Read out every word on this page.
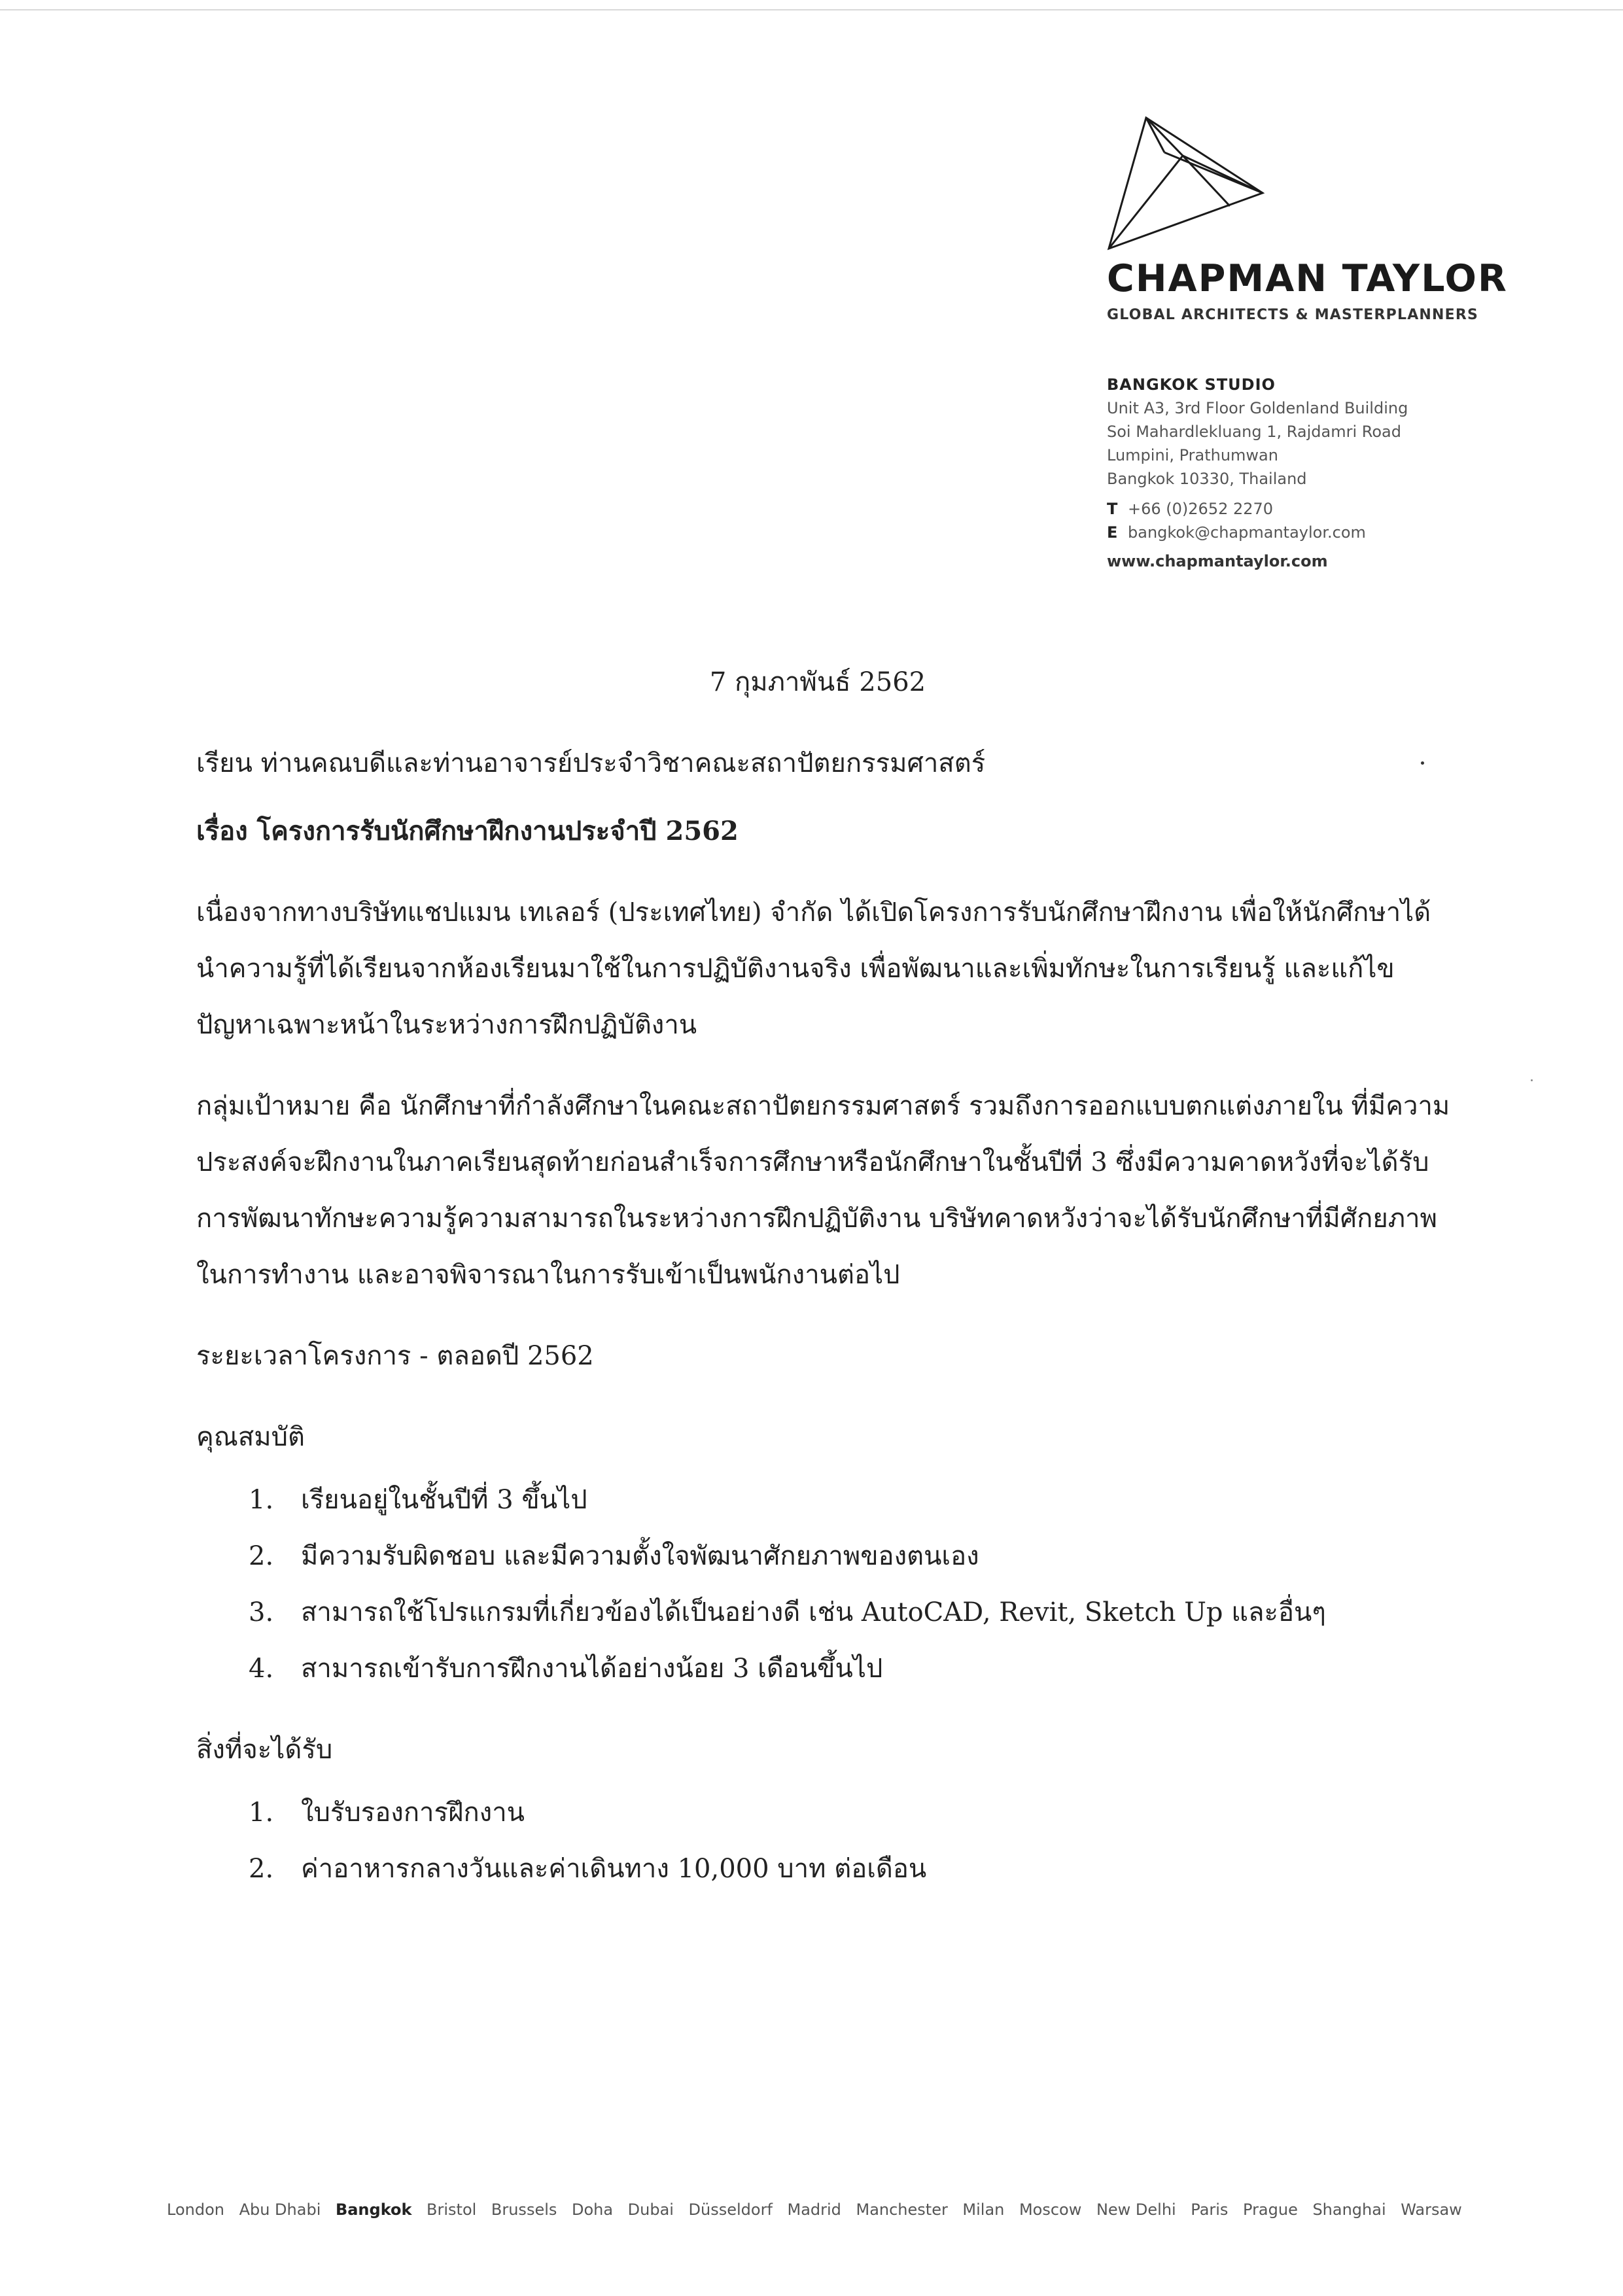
CHAPMAN TAYLOR
GLOBAL ARCHITECTS & MASTERPLANNERS
BANGKOK STUDIO
Unit A3, 3rd Floor Goldenland Building
Soi Mahardlekluang 1, Rajdamri Road
Lumpini, Prathumwan
Bangkok 10330, Thailand
T +66 (0)2652 2270
E bangkok@chapmantaylor.com
www.chapmantaylor.com
7 กุมภาพันธ์ 2562

เรียน ท่านคณบดีและท่านอาจารย์ประจำวิชาคณะสถาปัตยกรรมศาสตร์

เรื่อง โครงการรับนักศึกษาฝึกงานประจำปี 2562

เนื่องจากทางบริษัทแชปแมน เทเลอร์ (ประเทศไทย) จำกัด ได้เปิดโครงการรับนักศึกษาฝึกงาน เพื่อให้นักศึกษาได้นำความรู้ที่ได้เรียนจากห้องเรียนมาใช้ในการปฏิบัติงานจริง เพื่อพัฒนาและเพิ่มทักษะในการเรียนรู้ และแก้ไขปัญหาเฉพาะหน้าในระหว่างการฝึกปฏิบัติงาน

กลุ่มเป้าหมาย คือ นักศึกษาที่กำลังศึกษาในคณะสถาปัตยกรรมศาสตร์ รวมถึงการออกแบบตกแต่งภายใน ที่มีความประสงค์จะฝึกงานในภาคเรียนสุดท้ายก่อนสำเร็จการศึกษาหรือนักศึกษาในชั้นปีที่ 3 ซึ่งมีความคาดหวังที่จะได้รับการพัฒนาทักษะความรู้ความสามารถในระหว่างการฝึกปฏิบัติงาน บริษัทคาดหวังว่าจะได้รับนักศึกษาที่มีศักยภาพในการทำงาน และอาจพิจารณาในการรับเข้าเป็นพนักงานต่อไป

ระยะเวลาโครงการ - ตลอดปี 2562

คุณสมบัติ

1.	เรียนอยู่ในชั้นปีที่ 3 ขึ้นไป
2.	มีความรับผิดชอบ และมีความตั้งใจพัฒนาศักยภาพของตนเอง
3.	สามารถใช้โปรแกรมที่เกี่ยวข้องได้เป็นอย่างดี เช่น AutoCAD, Revit, Sketch Up และอื่นๆ
4.	สามารถเข้ารับการฝึกงานได้อย่างน้อย 3 เดือนขึ้นไป

สิ่งที่จะได้รับ

1.	ใบรับรองการฝึกงาน
2.	ค่าอาหารกลางวันและค่าเดินทาง 10,000 บาท ต่อเดือน
London Abu Dhabi Bangkok Bristol Brussels Doha Dubai Düsseldorf Madrid Manchester Milan Moscow New Delhi Paris Prague Shanghai Warsaw
